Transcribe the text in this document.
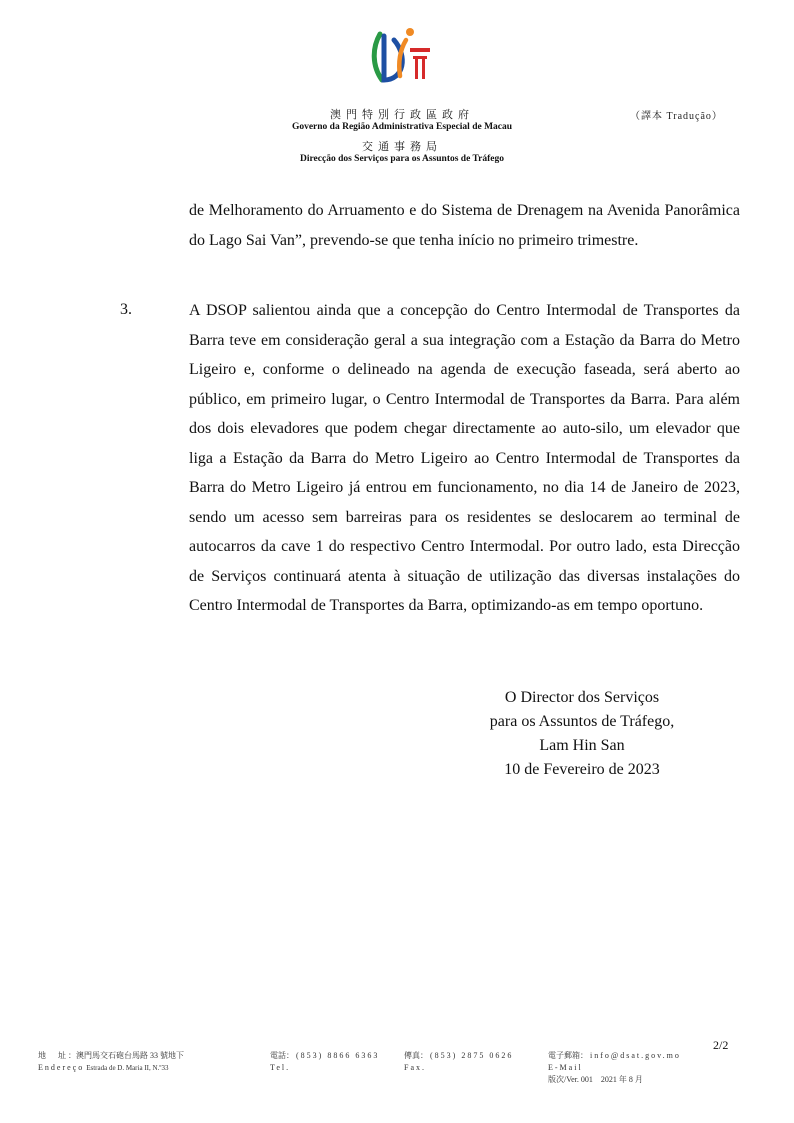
澳門特別行政區政府
Governo da Região Administrativa Especial de Macau
交通事務局
Direcção dos Serviços para os Assuntos de Tráfego
（譯本 Tradução）
de Melhoramento do Arruamento e do Sistema de Drenagem na Avenida Panorâmica do Lago Sai Van”, prevendo-se que tenha início no primeiro trimestre.
3.	A DSOP salientou ainda que a concepção do Centro Intermodal de Transportes da Barra teve em consideração geral a sua integração com a Estação da Barra do Metro Ligeiro e, conforme o delineado na agenda de execução faseada, será aberto ao público, em primeiro lugar, o Centro Intermodal de Transportes da Barra. Para além dos dois elevadores que podem chegar directamente ao auto-silo, um elevador que liga a Estação da Barra do Metro Ligeiro ao Centro Intermodal de Transportes da Barra do Metro Ligeiro já entrou em funcionamento, no dia 14 de Janeiro de 2023, sendo um acesso sem barreiras para os residentes se deslocarem ao terminal de autocarros da cave 1 do respectivo Centro Intermodal. Por outro lado, esta Direcção de Serviços continuará atenta à situação de utilização das diversas instalações do Centro Intermodal de Transportes da Barra, optimizando-as em tempo oportuno.
O Director dos Serviços
para os Assuntos de Tráfego,
Lam Hin San
10 de Fevereiro de 2023
2/2
地　址：澳門馬交石砲台馬路 33 號地下
Endereço Estrada de D. Maria II, N.º33
電話：(853) 8866 6363
Tel.
傳真：(853) 2875 0626
Fax.
電子郵箱：info@dsat.gov.mo
E-Mail
版次/Ver. 001　2021 年 8 月
